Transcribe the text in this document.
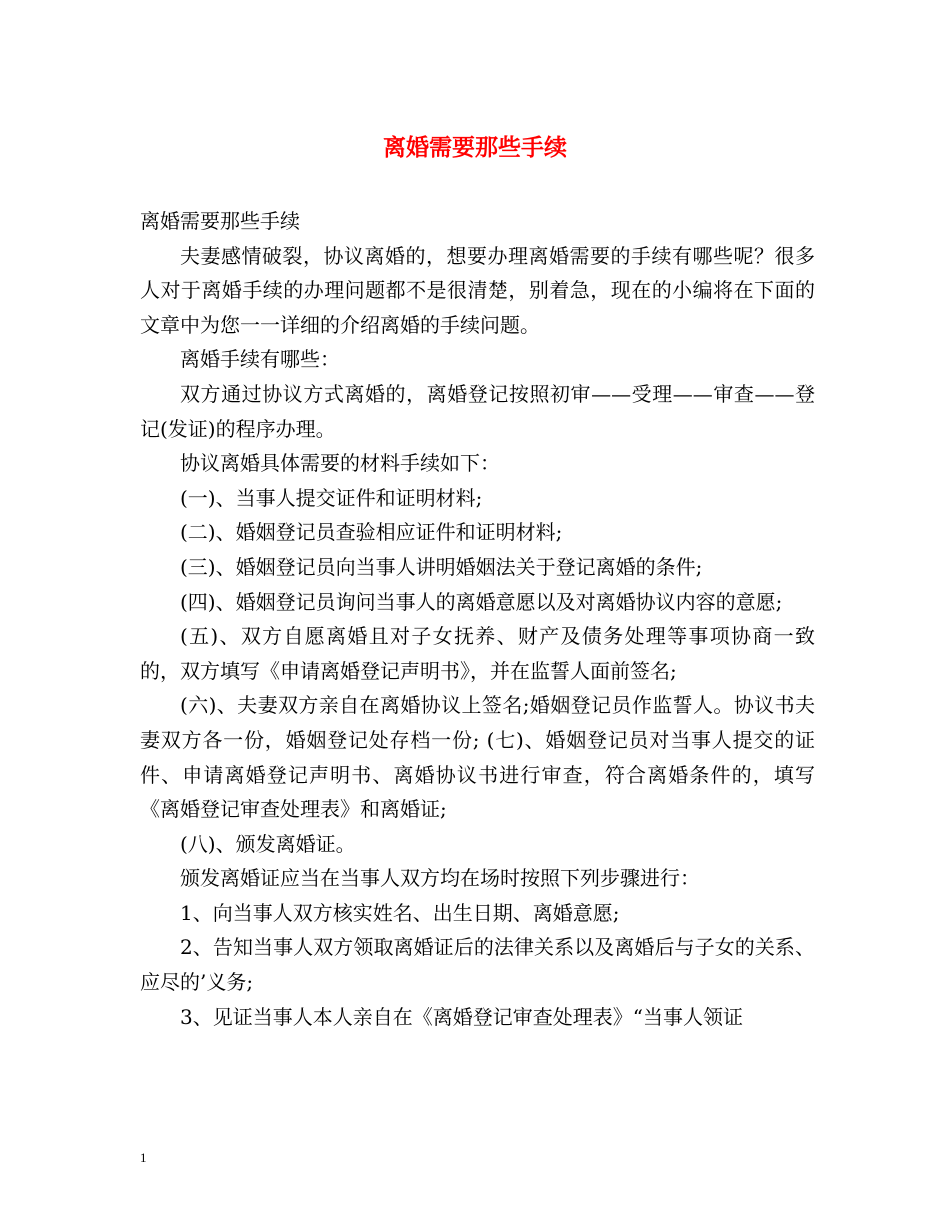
离婚需要那些手续

离婚需要那些手续

夫妻感情破裂，协议离婚的，想要办理离婚需要的手续有哪些呢？很多人对于离婚手续的办理问题都不是很清楚，别着急，现在的小编将在下面的文章中为您一一详细的介绍离婚的手续问题。

离婚手续有哪些：

双方通过协议方式离婚的，离婚登记按照初审——受理——审查——登记(发证)的程序办理。

协议离婚具体需要的材料手续如下：

(一)、当事人提交证件和证明材料;

(二)、婚姻登记员查验相应证件和证明材料;

(三)、婚姻登记员向当事人讲明婚姻法关于登记离婚的条件;

(四)、婚姻登记员询问当事人的离婚意愿以及对离婚协议内容的意愿;

(五)、双方自愿离婚且对子女抚养、财产及债务处理等事项协商一致的，双方填写《申请离婚登记声明书》，并在监誓人面前签名;

(六)、夫妻双方亲自在离婚协议上签名;婚姻登记员作监誓人。协议书夫妻双方各一份，婚姻登记处存档一份; (七)、婚姻登记员对当事人提交的证件、申请离婚登记声明书、离婚协议书进行审查，符合离婚条件的，填写《离婚登记审查处理表》和离婚证;

(八)、颁发离婚证。

颁发离婚证应当在当事人双方均在场时按照下列步骤进行：

1、向当事人双方核实姓名、出生日期、离婚意愿;

2、告知当事人双方领取离婚证后的法律关系以及离婚后与子女的关系、应尽的’义务;

3、见证当事人本人亲自在《离婚登记审查处理表》“当事人领证

1
